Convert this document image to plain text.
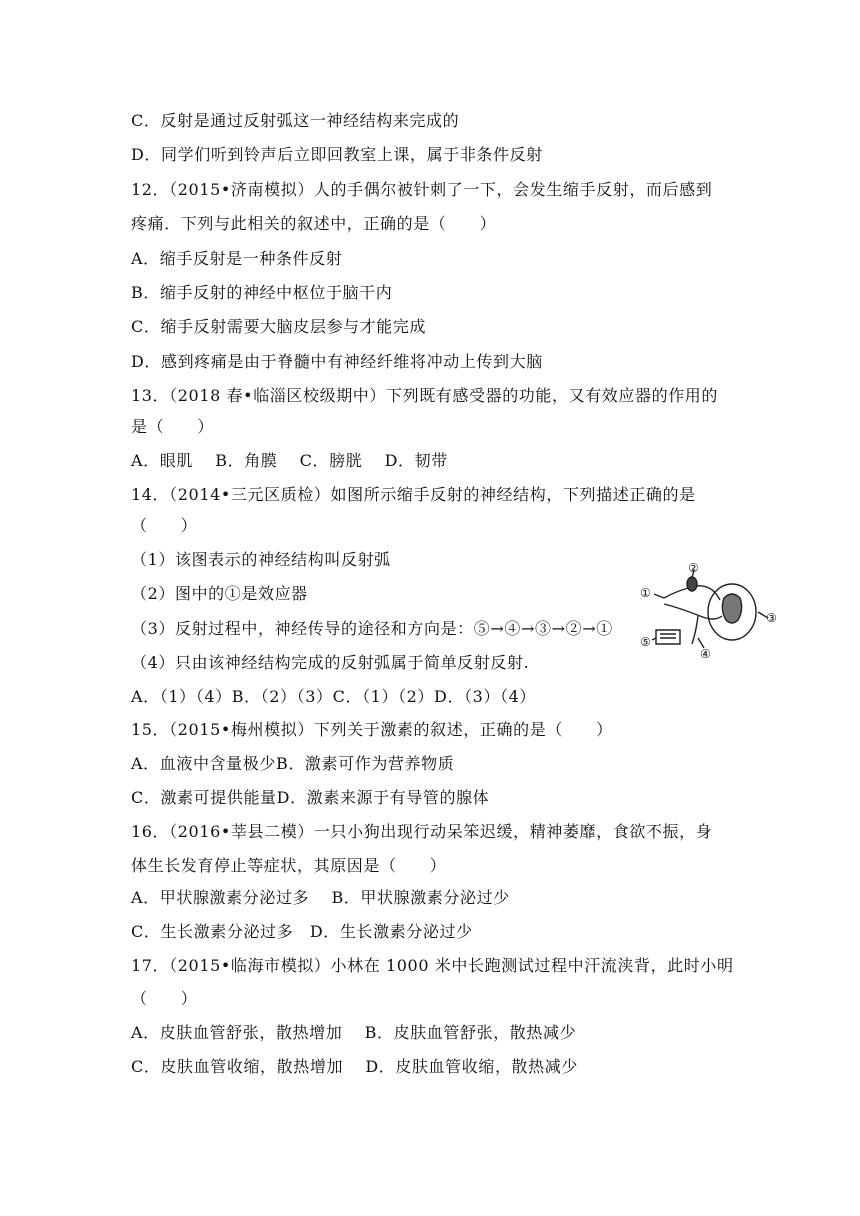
C．反射是通过反射弧这一神经结构来完成的
D．同学们听到铃声后立即回教室上课，属于非条件反射
12．（2015•济南模拟）人的手偶尔被针刺了一下，会发生缩手反射，而后感到
疼痛．下列与此相关的叙述中，正确的是（　　）
A．缩手反射是一种条件反射
B．缩手反射的神经中枢位于脑干内
C．缩手反射需要大脑皮层参与才能完成
D．感到疼痛是由于脊髓中有神经纤维将冲动上传到大脑
13．（2018 春•临淄区校级期中）下列既有感受器的功能，又有效应器的作用的
是（　　）
A．眼肌　 B．角膜　 C．膀胱　 D．韧带
14．（2014•三元区质检）如图所示缩手反射的神经结构，下列描述正确的是
（　　）
（1）该图表示的神经结构叫反射弧
（2）图中的①是效应器
（3）反射过程中，神经传导的途径和方向是：⑤→④→③→②→①
（4）只由该神经结构完成的反射弧属于简单反射反射.
A．（1）（4）B．（2）（3）C．（1）（2）D．（3）（4）
15．（2015•梅州模拟）下列关于激素的叙述，正确的是（　　）
A．血液中含量极少B．激素可作为营养物质
C．激素可提供能量D．激素来源于有导管的腺体
16．（2016•莘县二模）一只小狗出现行动呆笨迟缓，精神萎靡，食欲不振，身
体生长发育停止等症状，其原因是（　　）
A．甲状腺激素分泌过多　 B．甲状腺激素分泌过少
C．生长激素分泌过多　D．生长激素分泌过少
17．（2015•临海市模拟）小林在 1000 米中长跑测试过程中汗流浃背，此时小明
（　　）
A．皮肤血管舒张，散热增加　 B．皮肤血管舒张，散热减少
C．皮肤血管收缩，散热增加　 D．皮肤血管收缩，散热减少
①
②
③
④
⑤
